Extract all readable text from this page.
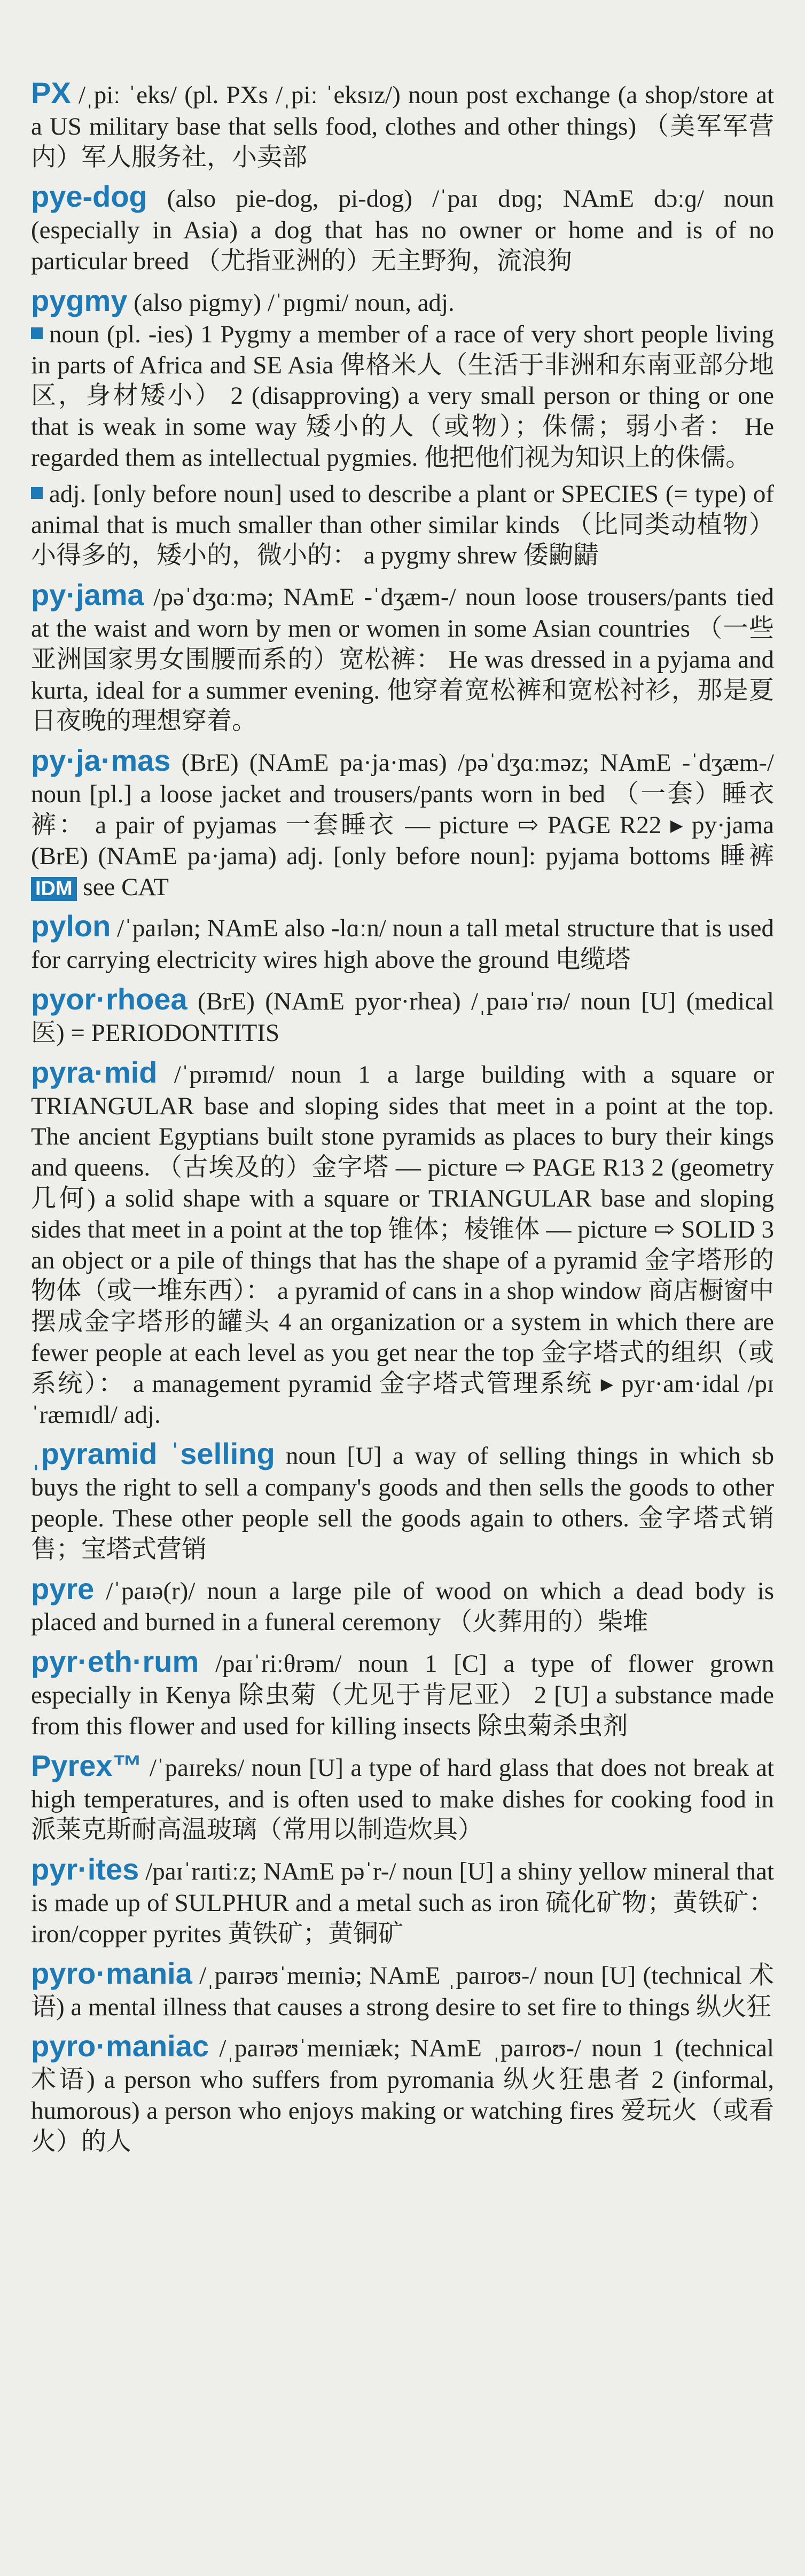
PX /ˌpiː ˈeks/ (pl. PXs /ˌpiː ˈeksɪz/) noun post exchange (a shop/store at a US military base that sells food, clothes and other things) （美军军营内）军人服务社，小卖部
pye-dog (also pie-dog, pi-dog) /ˈpaɪ dɒɡ; NAmE dɔːɡ/ noun (especially in Asia) a dog that has no owner or home and is of no particular breed （尤指亚洲的）无主野狗，流浪狗
pygmy (also pigmy) /ˈpɪɡmi/ noun, adj.
noun (pl. -ies) 1 Pygmy a member of a race of very short people living in parts of Africa and SE Asia 俾格米人（生活于非洲和东南亚部分地区，身材矮小） 2 (disapproving) a very small person or thing or one that is weak in some way 矮小的人（或物）；侏儒；弱小者： He regarded them as intellectual pygmies. 他把他们视为知识上的侏儒。
adj. [only before noun] used to describe a plant or SPECIES (= type) of animal that is much smaller than other similar kinds （比同类动植物）小得多的，矮小的，微小的： a pygmy shrew 倭鼩鼱
py·jama /pəˈdʒɑːmə; NAmE -ˈdʒæm-/ noun loose trousers/pants tied at the waist and worn by men or women in some Asian countries （一些亚洲国家男女围腰而系的）宽松裤： He was dressed in a pyjama and kurta, ideal for a summer evening. 他穿着宽松裤和宽松衬衫，那是夏日夜晚的理想穿着。
py·ja·mas (BrE) (NAmE pa·ja·mas) /pəˈdʒɑːməz; NAmE -ˈdʒæm-/ noun [pl.] a loose jacket and trousers/pants worn in bed （一套）睡衣裤： a pair of pyjamas 一套睡衣 — picture ⇨ PAGE R22 ▸ py·jama (BrE) (NAmE pa·jama) adj. [only before noun]: pyjama bottoms 睡裤 IDM see CAT
pylon /ˈpaɪlən; NAmE also -lɑːn/ noun a tall metal structure that is used for carrying electricity wires high above the ground 电缆塔
pyor·rhoea (BrE) (NAmE pyor·rhea) /ˌpaɪəˈrɪə/ noun [U] (medical 医) = PERIODONTITIS
pyra·mid /ˈpɪrəmɪd/ noun 1 a large building with a square or TRIANGULAR base and sloping sides that meet in a point at the top. The ancient Egyptians built stone pyramids as places to bury their kings and queens. （古埃及的）金字塔 — picture ⇨ PAGE R13 2 (geometry 几何) a solid shape with a square or TRIANGULAR base and sloping sides that meet in a point at the top 锥体；棱锥体 — picture ⇨ SOLID 3 an object or a pile of things that has the shape of a pyramid 金字塔形的物体（或一堆东西）： a pyramid of cans in a shop window 商店橱窗中摆成金字塔形的罐头 4 an organization or a system in which there are fewer people at each level as you get near the top 金字塔式的组织（或系统）： a management pyramid 金字塔式管理系统 ▸ pyr·am·idal /pɪˈræmɪdl/ adj.
ˌpyramid ˈselling noun [U] a way of selling things in which sb buys the right to sell a company's goods and then sells the goods to other people. These other people sell the goods again to others. 金字塔式销售；宝塔式营销
pyre /ˈpaɪə(r)/ noun a large pile of wood on which a dead body is placed and burned in a funeral ceremony （火葬用的）柴堆
pyr·eth·rum /paɪˈriːθrəm/ noun 1 [C] a type of flower grown especially in Kenya 除虫菊（尤见于肯尼亚） 2 [U] a substance made from this flower and used for killing insects 除虫菊杀虫剂
Pyrex™ /ˈpaɪreks/ noun [U] a type of hard glass that does not break at high temperatures, and is often used to make dishes for cooking food in 派莱克斯耐高温玻璃（常用以制造炊具）
pyr·ites /paɪˈraɪtiːz; NAmE pəˈr-/ noun [U] a shiny yellow mineral that is made up of SULPHUR and a metal such as iron 硫化矿物；黄铁矿： iron/copper pyrites 黄铁矿；黄铜矿
pyro·mania /ˌpaɪrəʊˈmeɪniə; NAmE ˌpaɪroʊ-/ noun [U] (technical 术语) a mental illness that causes a strong desire to set fire to things 纵火狂
pyro·maniac /ˌpaɪrəʊˈmeɪniæk; NAmE ˌpaɪroʊ-/ noun 1 (technical 术语) a person who suffers from pyromania 纵火狂患者 2 (informal, humorous) a person who enjoys making or watching fires 爱玩火（或看火）的人
